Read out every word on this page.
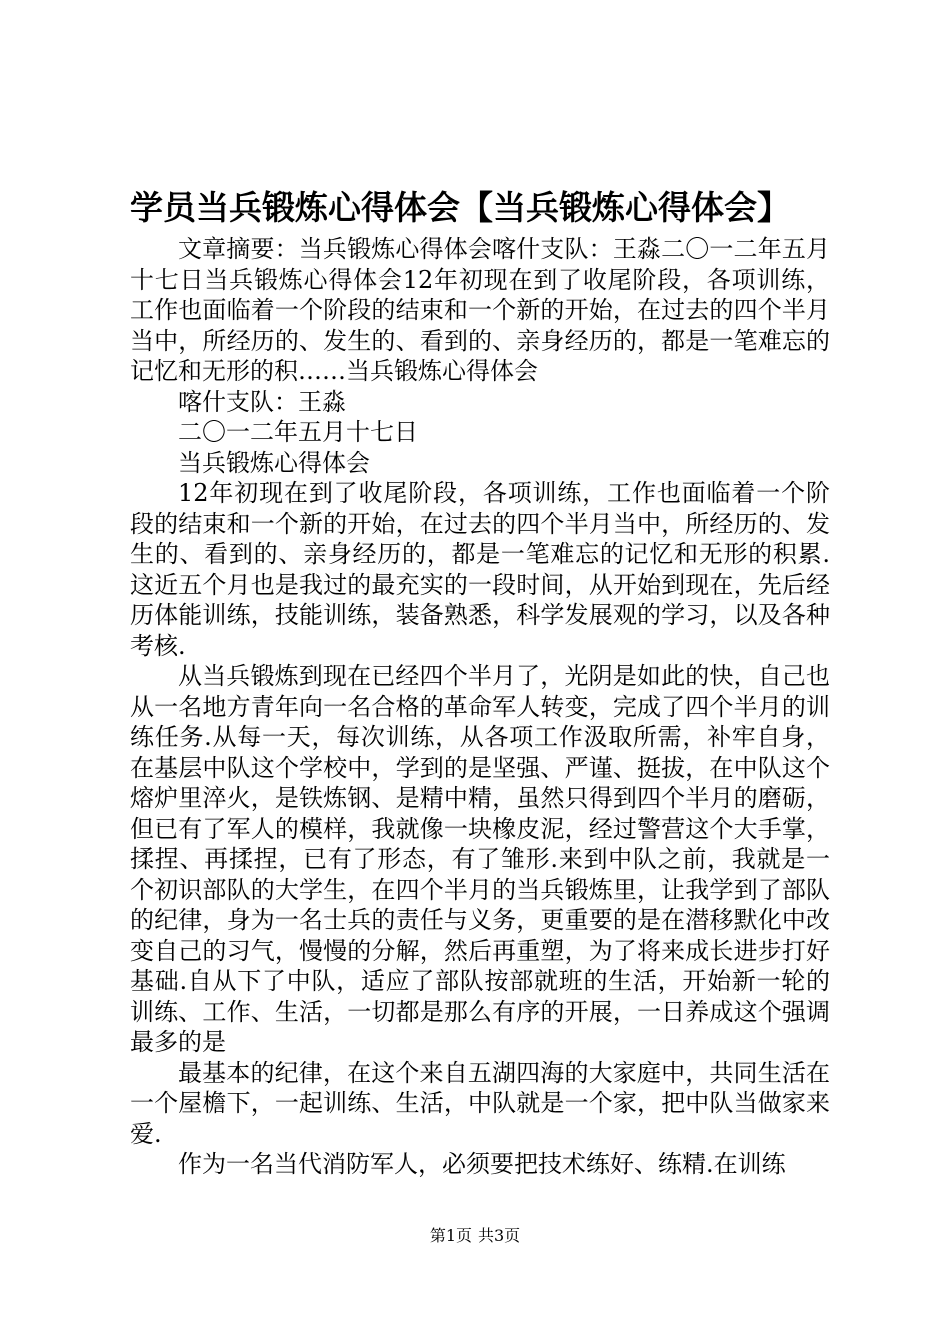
学员当兵锻炼心得体会【当兵锻炼心得体会】

文章摘要：当兵锻炼心得体会喀什支队：王淼二〇一二年五月十七日当兵锻炼心得体会12年初现在到了收尾阶段，各项训练，工作也面临着一个阶段的结束和一个新的开始，在过去的四个半月当中，所经历的、发生的、看到的、亲身经历的，都是一笔难忘的记忆和无形的积……当兵锻炼心得体会

喀什支队：王淼

二〇一二年五月十七日

当兵锻炼心得体会

12年初现在到了收尾阶段，各项训练，工作也面临着一个阶段的结束和一个新的开始，在过去的四个半月当中，所经历的、发生的、看到的、亲身经历的，都是一笔难忘的记忆和无形的积累.这近五个月也是我过的最充实的一段时间，从开始到现在，先后经历体能训练，技能训练，装备熟悉，科学发展观的学习，以及各种考核.

从当兵锻炼到现在已经四个半月了，光阴是如此的快，自己也从一名地方青年向一名合格的革命军人转变，完成了四个半月的训练任务.从每一天，每次训练，从各项工作汲取所需，补牢自身，在基层中队这个学校中，学到的是坚强、严谨、挺拔，在中队这个熔炉里淬火，是铁炼钢、是精中精，虽然只得到四个半月的磨砺，但已有了军人的模样，我就像一块橡皮泥，经过警营这个大手掌，揉捏、再揉捏，已有了形态，有了雏形.来到中队之前，我就是一个初识部队的大学生，在四个半月的当兵锻炼里，让我学到了部队的纪律，身为一名士兵的责任与义务，更重要的是在潜移默化中改变自己的习气，慢慢的分解，然后再重塑，为了将来成长进步打好基础.自从下了中队，适应了部队按部就班的生活，开始新一轮的训练、工作、生活，一切都是那么有序的开展，一日养成这个强调最多的是

最基本的纪律，在这个来自五湖四海的大家庭中，共同生活在一个屋檐下，一起训练、生活，中队就是一个家，把中队当做家来爱.

作为一名当代消防军人，必须要把技术练好、练精.在训练

第1页 共3页
